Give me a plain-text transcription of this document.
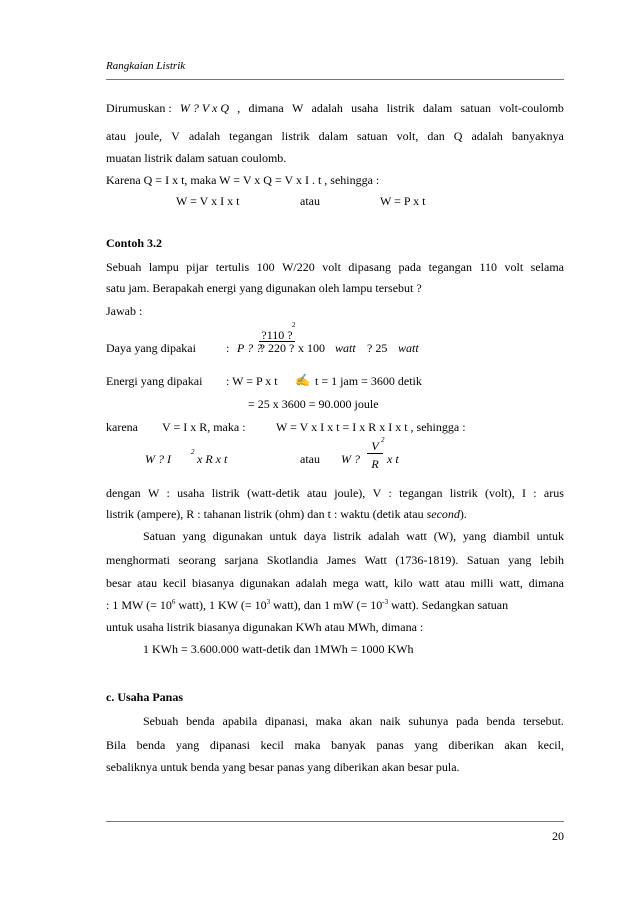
Rangkaian Listrik
Dirumuskan : W ? V x Q , dimana W adalah usaha listrik dalam satuan volt-coulomb
atau joule, V adalah tegangan listrik dalam satuan volt, dan Q adalah banyaknya
muatan listrik dalam satuan coulomb.
Karena Q = I x t, maka W = V x Q = V x I . t , sehingga :
W = V x I x t	atau	W = P x t
Contoh 3.2
Sebuah lampu pijar tertulis 100 W/220 volt dipasang pada tegangan 110 volt selama
satu jam. Berapakah energi yang digunakan oleh lampu tersebut ?
Jawab :
Daya yang dipakai	: P ? ?
$\frac{?110 ?}{? 220 ?}$
2
x 100 watt ? 25 watt
Energi yang dipakai : W = P x t ✍ t = 1 jam = 3600 detik
= 25 x 3600 = 90.000 joule
karena V = I x R, maka :	W = V x I x t = I x R x I x t , sehingga :
W ? I	2 x R x t	atau W ?
V 2
R x t
dengan W : usaha listrik (watt-detik atau joule), V : tegangan listrik (volt), I : arus
listrik (ampere), R : tahanan listrik (ohm) dan t : waktu (detik atau second).
Satuan yang digunakan untuk daya listrik adalah watt (W), yang diambil untuk
menghormati seorang sarjana Skotlandia James Watt (1736-1819). Satuan yang lebih
besar atau kecil biasanya digunakan adalah mega watt, kilo watt atau milli watt, dimana
: 1 MW (= $10^6$ watt), 1 KW (= $10^3$ watt), dan 1 mW (= $10^{-3}$ watt). Sedangkan satuan
untuk usaha listrik biasanya digunakan KWh atau MWh, dimana :
1 KWh = 3.600.000 watt-detik dan 1MWh = 1000 KWh
c. Usaha Panas
Sebuah benda apabila dipanasi, maka akan naik suhunya pada benda tersebut.
Bila benda yang dipanasi kecil maka banyak panas yang diberikan akan kecil,
sebaliknya untuk benda yang besar panas yang diberikan akan besar pula.
20
